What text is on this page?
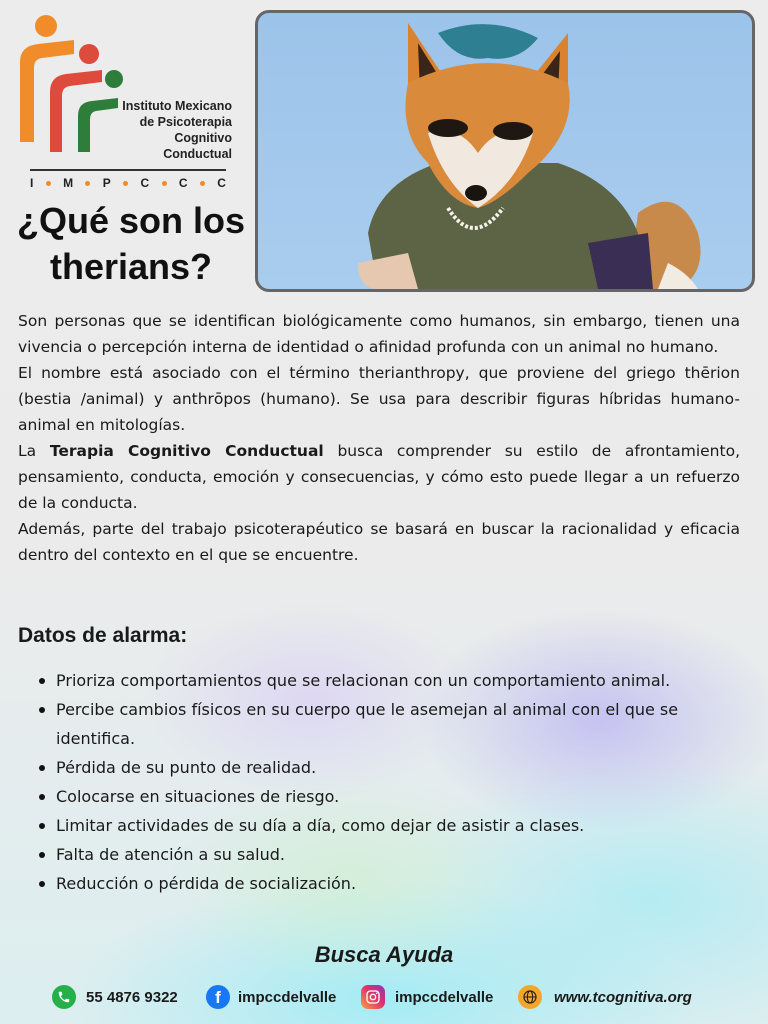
Instituto Mexicano
de Psicoterapia
Cognitivo Conductual
I M P C C C
¿Qué son los
therians?

Son personas que se identifican biológicamente como humanos, sin embargo, tienen una vivencia o percepción interna de identidad o afinidad profunda con un animal no humano.

El nombre está asociado con el término therianthropy, que proviene del griego thērion (bestia /animal) y anthrōpos (humano). Se usa para describir figuras híbridas humano-animal en mitologías.

La Terapia Cognitivo Conductual busca comprender su estilo de afrontamiento, pensamiento, conducta, emoción y consecuencias, y cómo esto puede llegar a un refuerzo de la conducta.

Además, parte del trabajo psicoterapéutico se basará en buscar la racionalidad y eficacia dentro del contexto en el que se encuentre.

Datos de alarma:
Prioriza comportamientos que se relacionan con un comportamiento animal.
Percibe cambios físicos en su cuerpo que le asemejan al animal con el que se identifica.
Pérdida de su punto de realidad.
Colocarse en situaciones de riesgo.
Limitar actividades de su día a día, como dejar de asistir a clases.
Falta de atención a su salud.
Reducción o pérdida de socialización.
Busca Ayuda
55 4876 9322 f impccdelvalle	impccdelvalle	www.tcognitiva.org
